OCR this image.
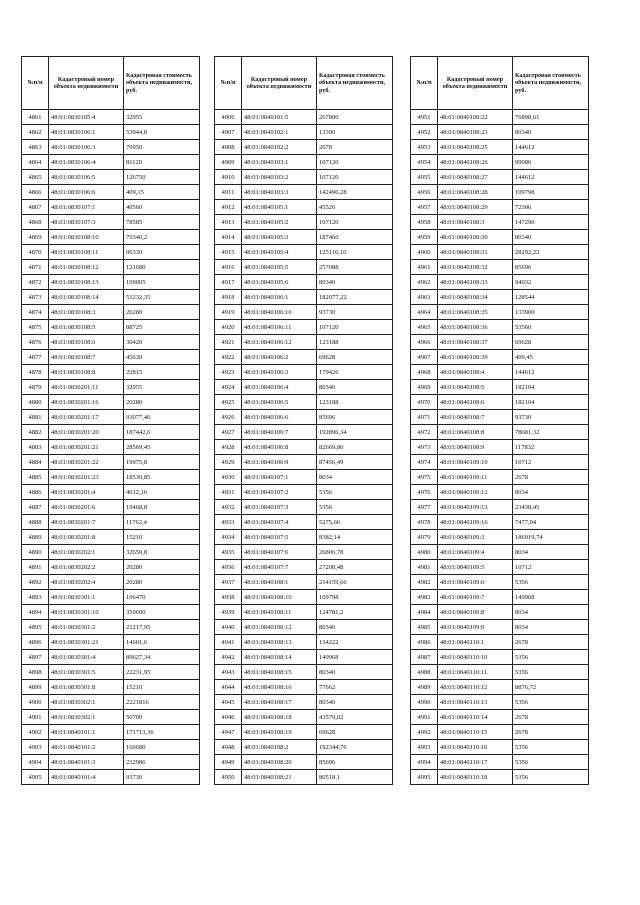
№п/п	Кадастровый номер объекта недвижимости	Кадастровая стоимость объекта недвижимости, руб.
4861	48:01:0830105:4	32955
4862	48:01:0830106:1	53944,8
4863	48:01:0830106:3	70950
4864	48:01:0830106:4	81120
4865	48:01:0830106:5	126750
4866	48:01:0830106:6	409,15
4867	48:01:0830107:1	40560
4868	48:01:0830107:3	78585
4869	48:01:0830108:10	75340,2
4870	48:01:0830108:11	96330
4871	48:01:0830108:12	121680
4872	48:01:0830108:13	109005
4873	48:01:0830108:14	51232,35
4874	48:01:0830108:3	20280
4875	48:01:0830108:5	88725
4876	48:01:0830108:6	30420
4877	48:01:0830108:7	45630
4878	48:01:0830108:8	22815
4879	48:01:0830201:11	32955
4880	48:01:0830201:16	20280
4881	48:01:0830201:17	93077,46
4882	48:01:0830201:20	187442,6
4883	48:01:0830201:21	28569,45
4884	48:01:0830201:22	19975,8
4885	48:01:0830201:23	18530,85
4886	48:01:0830201:4	4012,16
4887	48:01:0830201:6	19468,8
4888	48:01:0830201:7	11762,4
4889	48:01:0830201:8	15210
4890	48:01:0830202:1	32650,8
4891	48:01:0830202:2	20280
4892	48:01:0830202:4	20280
4893	48:01:0830301:1	106470
4894	48:01:0830301:10	359600
4895	48:01:0830301:2	21217,95
4896	48:01:0830301:21	14601,6
4897	48:01:0830301:4	89627,34
4898	48:01:0830301:5	22231,95
4899	48:01:0830301:8	15210
4900	48:01:0830302:1	2221816
4901	48:01:0830302:1	50700
4902	48:01:0840101:1	171713,36
4903	48:01:0840101:2	160680
4904	48:01:0840101:3	232986
4905	48:01:0840101:4	93730
№п/п	Кадастровый номер объекта недвижимости	Кадастровая стоимость объекта недвижимости, руб.
4906	48:01:0840101:5	267800
4907	48:01:0840102:1	13390
4908	48:01:0840102:2	2678
4909	48:01:0840103:1	107120
4910	48:01:0840103:2	107120
4911	48:01:0840103:3	142496,28
4912	48:01:0840105:1	45526
4913	48:01:0840105:2	107120
4914	48:01:0840105:3	187460
4915	48:01:0840105:4	125116,16
4916	48:01:0840105:5	257088
4917	48:01:0840105:6	80340
4918	48:01:0840106:1	182077,22
4919	48:01:0840106:10	93730
4920	48:01:0840106:11	107120
4921	48:01:0840106:12	123188
4922	48:01:0840106:2	69628
4923	48:01:0840106:3	179426
4924	48:01:0840106:4	80340
4925	48:01:0840106:5	123188
4926	48:01:0840106:6	85696
4927	48:01:0840106:7	192896,34
4928	48:01:0840106:8	82669,86
4929	48:01:0840106:9	87456,49
4930	48:01:0840107:1	8034
4931	48:01:0840107:2	5356
4932	48:01:0840107:3	5356
4933	48:01:0840107:4	5275,66
4934	48:01:0840107:5	8382,14
4935	48:01:0840107:6	26806,78
4936	48:01:0840107:7	27208,48
4937	48:01:0840108:1	214159,66
4938	48:01:0840108:10	109798
4939	48:01:0840108:11	124781,2
4940	48:01:0840108:12	80340
4941	48:01:0840108:13	134222
4942	48:01:0840108:14	149968
4943	48:01:0840108:15	80340
4944	48:01:0840108:16	77662
4945	48:01:0840108:17	80340
4946	48:01:0840108:18	43579,02
4947	48:01:0840108:19	69628
4948	48:01:0840108:2	192344,76
4949	48:01:0840108:20	85696
4950	48:01:0840108:21	80518,1
№п/п	Кадастровый номер объекта недвижимости	Кадастровая стоимость объекта недвижимости, руб.
4951	48:01:0840108:22	76898,61
4952	48:01:0840108:23	80340
4953	48:01:0840108:25	144612
4954	48:01:0840108:26	99086
4955	48:01:0840108:27	144612
4956	48:01:0840108:28	109798
4957	48:01:0840108:29	72306
4958	48:01:0840108:3	147290
4959	48:01:0840108:30	80340
4960	48:01:0840108:31	28292,22
4961	48:01:0840108:32	85696
4962	48:01:0840108:33	94032
4963	48:01:0840108:34	128544
4964	48:01:0840108:35	133900
4965	48:01:0840108:36	53560
4966	48:01:0840108:37	69628
4967	48:01:0840108:39	409,45
4968	48:01:0840108:4	144612
4969	48:01:0840108:5	182104
4970	48:01:0840108:6	182104
4971	48:01:0840108:7	93730
4972	48:01:0840108:8	78681,32
4973	48:01:0840108:9	117832
4974	48:01:0840109:10	10712
4975	48:01:0840109:11	2678
4976	48:01:0840109:12	8034
4977	48:01:0840109:13	23438,45
4978	48:01:0840109:16	7477,04
4979	48:01:0840109:3	186919,74
4980	48:01:0840109:4	8034
4981	48:01:0840109:5	10712
4982	48:01:0840109:6	5356
4983	48:01:0840109:7	149968
4984	48:01:0840109:8	8034
4985	48:01:0840109:9	8034
4986	48:01:0840110:1	2678
4987	48:01:0840110:10	5356
4988	48:01:0840110:11	5356
4989	48:01:0840110:12	8876,72
4990	48:01:0840110:13	5356
4991	48:01:0840110:14	2678
4992	48:01:0840110:15	2678
4993	48:01:0840110:16	5356
4994	48:01:0840110:17	5356
4995	48:01:0840110:18	5356
